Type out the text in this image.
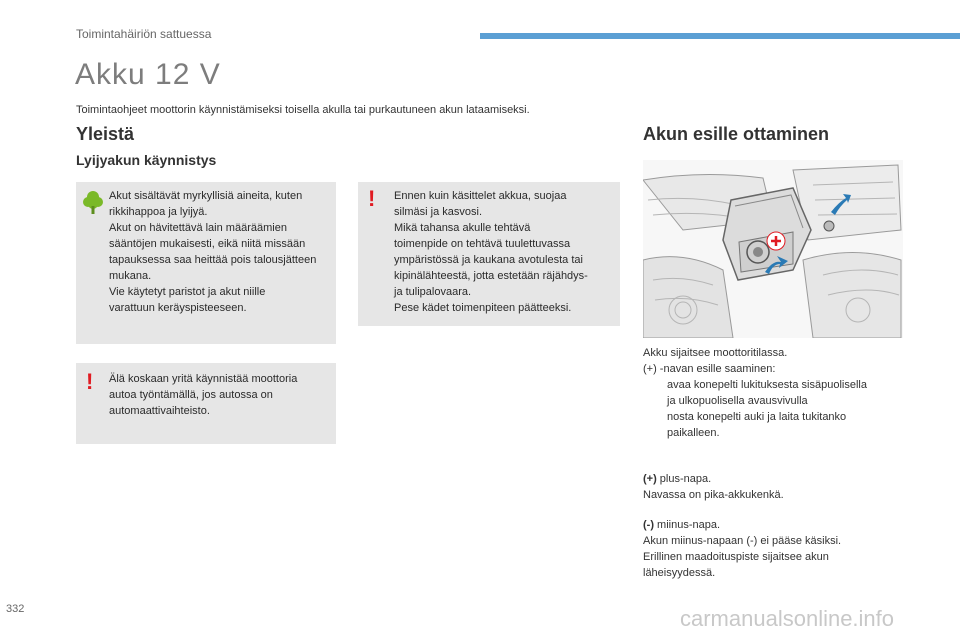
Toimintahäiriön sattuessa
Akku 12 V
Toimintaohjeet moottorin käynnistämiseksi toisella akulla tai purkautuneen akun lataamiseksi.
Yleistä
Lyijyakun käynnistys
Akut sisältävät myrkyllisiä aineita, kuten
rikkihappoa ja lyijyä.
Akut on hävitettävä lain määräämien
sääntöjen mukaisesti, eikä niitä missään
tapauksessa saa heittää pois talousjätteen
mukana.
Vie käytetyt paristot ja akut niille
varattuun keräyspisteeseen.
! Ennen kuin käsittelet akkua, suojaa
silmäsi ja kasvosi.
Mikä tahansa akulle tehtävä
toimenpide on tehtävä tuulettuvassa
ympäristössä ja kaukana avotulesta tai
kipinälähteestä, jotta estetään räjähdys-
ja tulipalovaara.
Pese kädet toimenpiteen päätteeksi.
! Älä koskaan yritä käynnistää moottoria
autoa työntämällä, jos autossa on
automaattivaihteisto.
Akun esille ottaminen
Akku sijaitsee moottoritilassa.
(+) -navan esille saaminen:
avaa konepelti lukituksesta sisäpuolisella
ja ulkopuolisella avausvivulla
nosta konepelti auki ja laita tukitanko
paikalleen.
(+) plus-napa.
Navassa on pika-akkukenkä.
(-) miinus-napa.
Akun miinus-napaan (-) ei pääse käsiksi.
Erillinen maadoituspiste sijaitsee akun
läheisyydessä.
332	carmanualsonline.info
